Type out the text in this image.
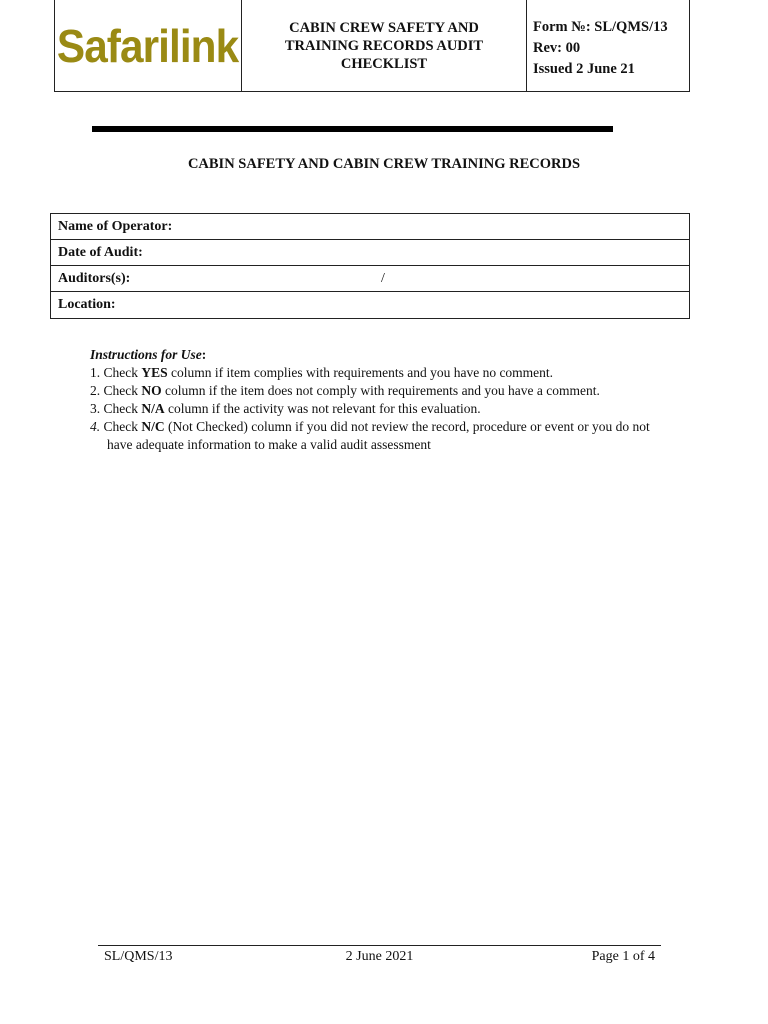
Safarilink	CABIN CREW SAFETY AND
TRAINING RECORDS AUDIT
CHECKLIST
Form №: SL/QMS/13
Rev: 00
Issued 2 June 21
CABIN SAFETY AND CABIN CREW TRAINING RECORDS
Name of Operator:
Date of Audit:
Auditors(s):	/
Location:
Instructions for Use:
1. Check YES column if item complies with requirements and you have no comment.
2. Check NO column if the item does not comply with requirements and you have a comment.
3. Check N/A column if the activity was not relevant for this evaluation.
4. Check N/C (Not Checked) column if you did not review the record, procedure or event or you do not
have adequate information to make a valid audit assessment
2 June 2021
SL/QMS/13	Page 1 of 4
